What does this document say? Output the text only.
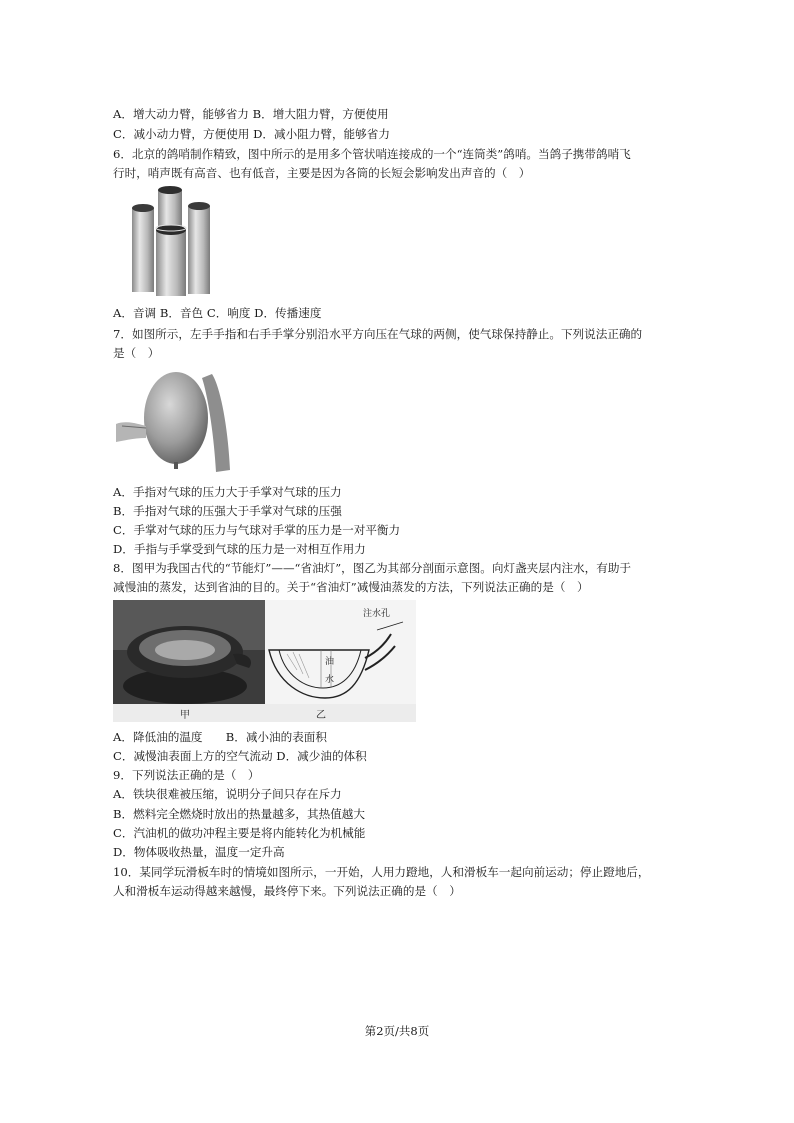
A．增大动力臂，能够省力 B．增大阻力臂，方便使用
C．减小动力臂，方便使用 D．减小阻力臂，能够省力
6．北京的鸽哨制作精致，图中所示的是用多个管状哨连接成的一个“连筒类”鸽哨。当鸽子携带鸽哨飞
行时，哨声既有高音、也有低音，主要是因为各筒的长短会影响发出声音的（　）
A．音调 B．音色 C．响度 D．传播速度
7．如图所示，左手手指和右手手掌分别沿水平方向压在气球的两侧，使气球保持静止。下列说法正确的
是（　）
A．手指对气球的压力大于手掌对气球的压力
B．手指对气球的压强大于手掌对气球的压强
C．手掌对气球的压力与气球对手掌的压力是一对平衡力
D．手指与手掌受到气球的压力是一对相互作用力
8．图甲为我国古代的“节能灯”——“省油灯”，图乙为其部分剖面示意图。向灯盏夹层内注水，有助于
减慢油的蒸发，达到省油的目的。关于“省油灯”减慢油蒸发的方法，下列说法正确的是（　）
甲
注水孔
油
水
乙
A．降低油的温度　　B．减小油的表面积
C．减慢油表面上方的空气流动 D．减少油的体积
9．下列说法正确的是（　）
A．铁块很难被压缩，说明分子间只存在斥力
B．燃料完全燃烧时放出的热量越多，其热值越大
C．汽油机的做功冲程主要是将内能转化为机械能
D．物体吸收热量，温度一定升高
10．某同学玩滑板车时的情境如图所示，一开始，人用力蹬地，人和滑板车一起向前运动；停止蹬地后，
人和滑板车运动得越来越慢，最终停下来。下列说法正确的是（　）
第2页/共8页
